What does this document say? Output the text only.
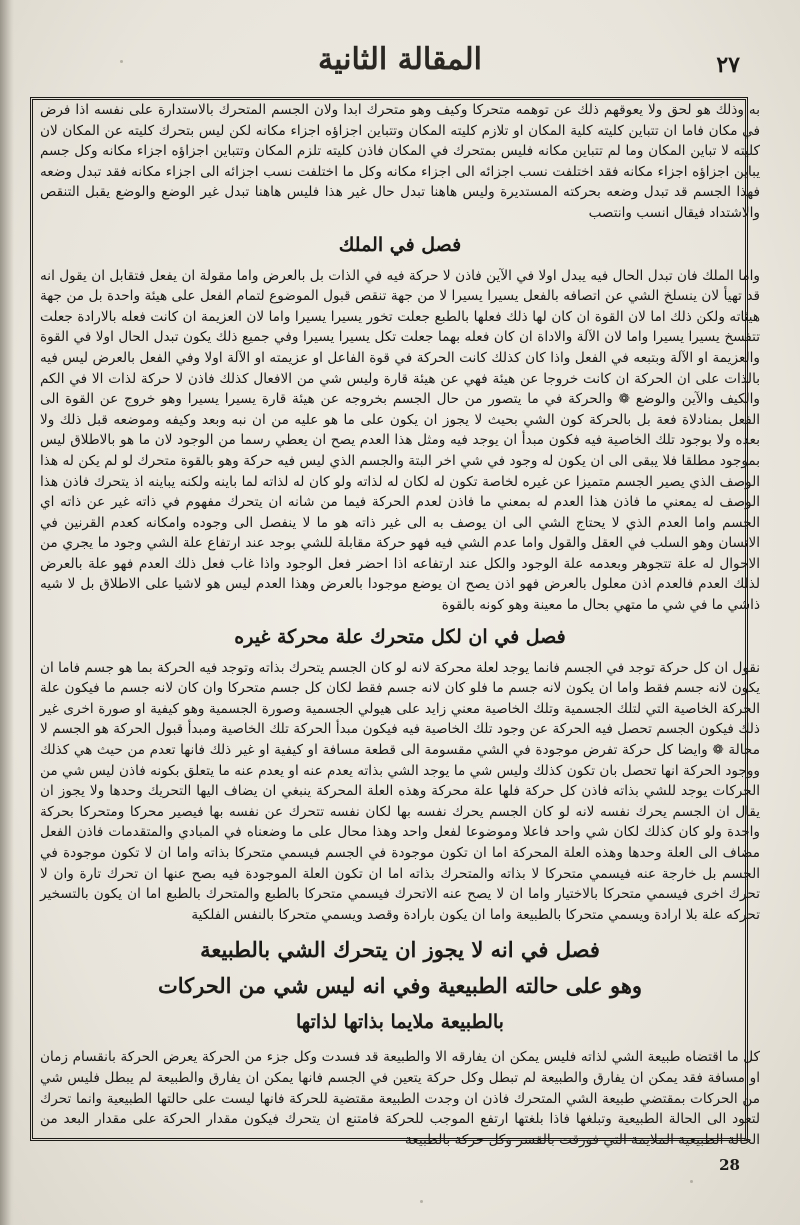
المقالة الثانية	٢٧

به وذلك هو لحق ولا يعوقهم ذلك عن توهمه متحركا وكيف وهو متحرك ابدا ولان الجسم المتحرك بالاستدارة على نفسه اذا فرض في مكان فاما ان تتباين كليته كلية المكان او تلازم كليته المكان وتتباين اجزاؤه اجزاء مكانه لكن ليس بتحرك كليته عن المكان لان كليته لا تباين المكان وما لم تتباين مكانه فليس بمتحرك في المكان فاذن كليته تلزم المكان وتتباين اجزاؤه اجزاء مكانه وكل جسم يباين اجزاؤه اجزاء مكانه فقد اختلفت نسب اجزائه الى اجزاء مكانه وكل ما اختلفت نسب اجزائه الى اجزاء مكانه فقد تبدل وضعه فهذا الجسم قد تبدل وضعه بحركته المستديرة وليس هاهنا تبدل حال غير هذا فليس هاهنا تبدل غير الوضع والوضع يقبل التنقص والاشتداد فيقال انسب وانتصب

فصل في الملك

واما الملك فان تبدل الحال فيه يبدل اولا في الآين فاذن لا حركة فيه في الذات بل بالعرض واما مقولة ان يفعل فتقابل ان يقول انه قد تهيأ لان ينسلخ الشي عن اتصافه بالفعل يسيرا يسيرا لا من جهة تنقص قبول الموضوع لتمام الفعل على هيئة واحدة بل من جهة هيئاته ولكن ذلك اما لان القوة ان كان لها ذلك فعلها بالطبع جعلت تخور يسيرا يسيرا واما لان العزيمة ان كانت فعله بالارادة جعلت تتفسخ يسيرا يسيرا واما لان الآلة والاداة ان كان فعله بهما جعلت تكل يسيرا يسيرا وفي جميع ذلك يكون تبدل الحال اولا في القوة والعزيمة او الآلة وبتبعه في الفعل واذا كان كذلك كانت الحركة في قوة الفاعل او عزيمته او الآلة اولا وفي الفعل بالعرض ليس فيه بالذات على ان الحركة ان كانت خروجا عن هيئة فهي عن هيئة قارة وليس شي من الافعال كذلك فاذن لا حركة لذات الا في الكم والكيف والآين والوضع ❁ والحركة في ما يتصور من حال الجسم بخروجه عن هيئة قارة يسيرا يسيرا وهو خروج عن القوة الى الفعل بمنادلاة فعة بل بالحركة كون الشي بحيث لا يجوز ان يكون على ما هو عليه من ان نبه وبعد وكيفه وموضعه قبل ذلك ولا بعده ولا بوجود تلك الخاصية فيه فكون مبدأ ان يوجد فيه ومثل هذا العدم يصح ان يعطي رسما من الوجود لان ما هو بالاطلاق ليس بموجود مطلقا فلا يبقى الى ان يكون له وجود في شي اخر البتة والجسم الذي ليس فيه حركة وهو بالقوة متحرك لو لم يكن له هذا الوصف الذي يصير الجسم متميزا عن غيره لخاصة تكون له لكان له لذاته ولو كان له لذاته لما باينه ولكنه يباينه اذ يتحرك فاذن هذا الوصف له يمعني ما فاذن هذا العدم له بمعني ما فاذن لعدم الحركة فيما من شانه ان يتحرك مفهوم في ذاته غير عن ذاته اي الجسم واما العدم الذي لا يحتاج الشي الى ان يوصف به الى غير ذاته هو ما لا ينفصل الى وجوده وامكانه كعدم القرنين في الانسان وهو السلب في العقل والقول واما عدم الشي فيه فهو حركة مقابلة للشي بوجد عند ارتفاع علة الشي وجود ما يجري من الاحوال له علة تتجوهر وبعدمه علة الوجود والكل عند ارتفاعه اذا احضر فعل الوجود واذا غاب فعل ذلك العدم فهو علة بالعرض لذلك العدم فالعدم اذن معلول بالعرض فهو اذن يصح ان يوضع موجودا بالعرض وهذا العدم ليس هو لاشيا على الاطلاق بل لا شيه ذاشي ما في شي ما متهي بحال ما معينة وهو كونه بالقوة

فصل في ان لكل متحرك علة محركة غيره

نقول ان كل حركة توجد في الجسم فانما يوجد لعلة محركة لانه لو كان الجسم يتحرك بذاته وتوجد فيه الحركة بما هو جسم فاما ان يكون لانه جسم فقط واما ان يكون لانه جسم ما فلو كان لانه جسم فقط لكان كل جسم متحركا وان كان لانه جسم ما فيكون علة الحركة الخاصية التي لتلك الجسمية وتلك الخاصية معني زايد على هيولي الجسمية وصورة الجسمية وهو كيفية او صورة اخرى غير ذلك فيكون الجسم تحصل فيه الحركة عن وجود تلك الخاصية فيه فيكون مبدأ الحركة تلك الخاصية ومبدأ قبول الحركة هو الجسم لا محالة ❁ وايضا كل حركة تفرض موجودة في الشي مقسومة الى قطعة مسافة او كيفية او غير ذلك فانها تعدم من حيث هي كذلك ووجود الحركة انها تحصل بان تكون كذلك وليس شي ما يوجد الشي بذاته يعدم عنه او يعدم عنه ما يتعلق بكونه فاذن ليس شي من الحركات يوجد للشي بذاته فاذن كل حركة فلها علة محركة وهذه العلة المحركة ينبغي ان يضاف اليها التحريك وحدها ولا يجوز ان يقال ان الجسم يحرك نفسه لانه لو كان الجسم يحرك نفسه بها لكان نفسه تتحرك عن نفسه بها فيصير محركا ومتحركا بحركة واحدة ولو كان كذلك لكان شي واحد فاعلا وموضوعا لفعل واحد وهذا محال على ما وضعناه في المبادي والمتقدمات فاذن الفعل مضاف الى العلة وحدها وهذه العلة المحركة اما ان تكون موجودة في الجسم فيسمي متحركا بذاته واما ان لا تكون موجودة في الجسم بل خارجة عنه فيسمي متحركا لا بذاته والمتحرك بذاته اما ان تكون العلة الموجودة فيه بصح عنها ان تحرك تارة وان لا تحرك اخرى فيسمي متحركا بالاختيار واما ان لا يصح عنه الاتحرك فيسمي متحركا بالطبع والمتحرك بالطبع اما ان يكون بالتسخير تحركه علة بلا ارادة ويسمي متحركا بالطبيعة واما ان يكون بارادة وقصد ويسمي متحركا بالنفس الفلكية

فصل في انه لا يجوز ان يتحرك الشي بالطبيعة
وهو على حالته الطبيعية وفي انه ليس شي من الحركات
بالطبيعة ملايما بذاتها لذاتها

كل ما اقتضاه طبيعة الشي لذاته فليس يمكن ان يفارقه الا والطبيعة قد فسدت وكل جزء من الحركة يعرض الحركة بانقسام زمان او مسافة فقد يمكن ان يفارق والطبيعة لم تبطل وكل حركة يتعين في الجسم فانها يمكن ان يفارق والطبيعة لم يبطل فليس شي من الحركات بمقتضي طبيعة الشي المتحرك فاذن ان وجدت الطبيعة مقتضية للحركة فانها ليست على حالتها الطبيعية وانما تحرك لتعود الى الحالة الطبيعية وتبلغها فاذا بلغتها ارتفع الموجب للحركة فامتنع ان يتحرك فيكون مقدار الحركة على مقدار البعد من الحالة الطبيعية الملايمة التي فورقت بالقسر وكل حركة بالطبيعة

28
